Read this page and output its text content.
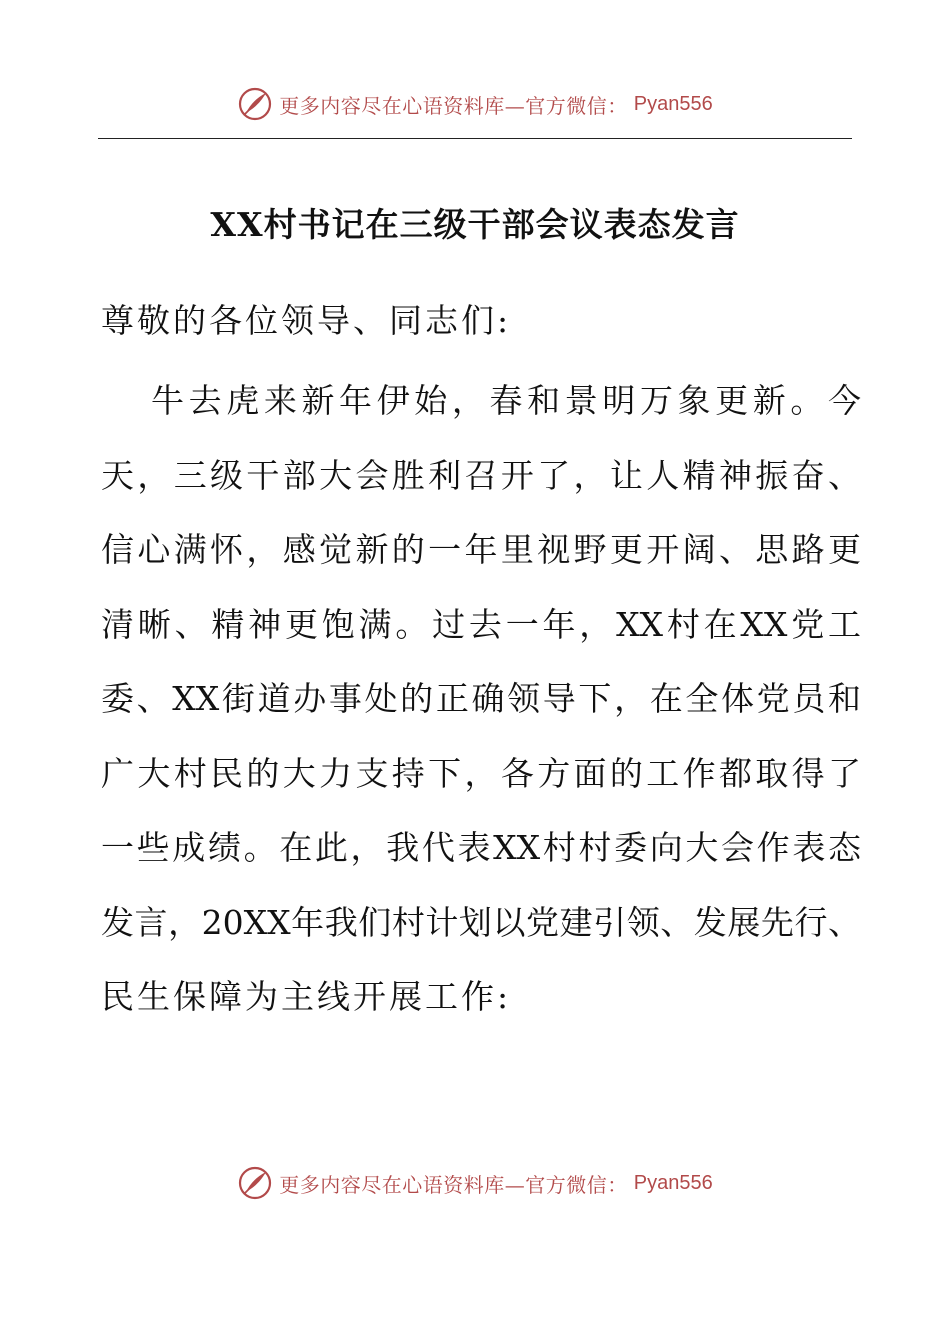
更多内容尽在心语资料库—官方微信： Pyan556
XX村书记在三级干部会议表态发言

尊敬的各位领导、同志们:

牛去虎来新年伊始，春和景明万象更新。今
天，三级干部大会胜利召开了，让人精神振奋、
信心满怀，感觉新的一年里视野更开阔、思路更
清晰、精神更饱满。过去一年，XX村在XX党工
委、XX街道办事处的正确领导下，在全体党员和
广大村民的大力支持下，各方面的工作都取得了
一些成绩。在此，我代表XX村村委向大会作表态
发言，20XX年我们村计划以党建引领、发展先行、
民生保障为主线开展工作:
更多内容尽在心语资料库—官方微信： Pyan556
